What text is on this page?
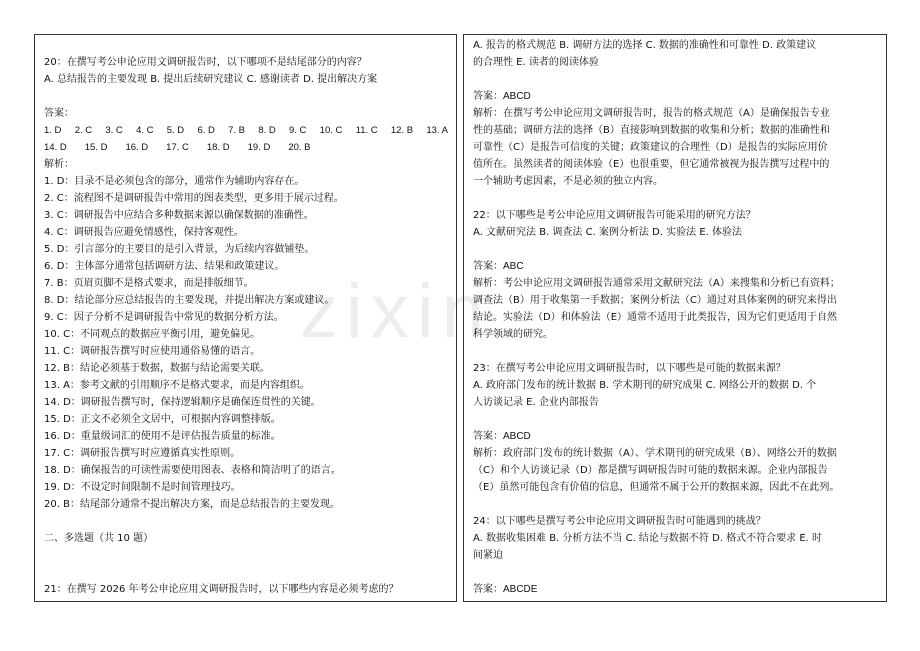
zixin
20：在撰写考公申论应用文调研报告时，以下哪项不是结尾部分的内容？
A. 总结报告的主要发现 B. 提出后续研究建议 C. 感谢读者 D. 提出解决方案
答案：
1. D 2. C 3. C 4. C 5. D 6. D 7. B 8. D 9. C 10. C 11. C 12. B 13. A
14. D 15. D 16. D 17. C 18. D 19. D 20. B
解析：
1. D：目录不是必须包含的部分，通常作为辅助内容存在。
2. C：流程图不是调研报告中常用的图表类型，更多用于展示过程。
3. C：调研报告中应结合多种数据来源以确保数据的准确性。
4. C：调研报告应避免情感性，保持客观性。
5. D：引言部分的主要目的是引入背景，为后续内容做铺垫。
6. D：主体部分通常包括调研方法、结果和政策建议。
7. B：页眉页脚不是格式要求，而是排版细节。
8. D：结论部分应总结报告的主要发现，并提出解决方案或建议。
9. C：因子分析不是调研报告中常见的数据分析方法。
10. C：不同观点的数据应平衡引用，避免偏见。
11. C：调研报告撰写时应使用通俗易懂的语言。
12. B：结论必须基于数据，数据与结论需要关联。
13. A：参考文献的引用顺序不是格式要求，而是内容组织。
14. D：调研报告撰写时，保持逻辑顺序是确保连贯性的关键。
15. D：正文不必须全文居中，可根据内容调整排版。
16. D：重量级词汇的使用不是评估报告质量的标准。
17. C：调研报告撰写时应遵循真实性原则。
18. D：确保报告的可读性需要使用图表、表格和简洁明了的语言。
19. D：不设定时间限制不是时间管理技巧。
20. B：结尾部分通常不提出解决方案，而是总结报告的主要发现。
二、多选题（共 10 题）
21：在撰写 2026 年考公申论应用文调研报告时，以下哪些内容是必须考虑的？
A. 报告的格式规范 B. 调研方法的选择 C. 数据的准确性和可靠性 D. 政策建议
的合理性 E. 读者的阅读体验
答案：ABCD
解析：在撰写考公申论应用文调研报告时，报告的格式规范（A）是确保报告专业
性的基础；调研方法的选择（B）直接影响到数据的收集和分析；数据的准确性和
可靠性（C）是报告可信度的关键；政策建议的合理性（D）是报告的实际应用价
值所在。虽然读者的阅读体验（E）也很重要，但它通常被视为报告撰写过程中的
一个辅助考虑因素，不是必须的独立内容。
22：以下哪些是考公申论应用文调研报告可能采用的研究方法？
A. 文献研究法 B. 调查法 C. 案例分析法 D. 实验法 E. 体验法
答案：ABC
解析：考公申论应用文调研报告通常采用文献研究法（A）来搜集和分析已有资料；
调查法（B）用于收集第一手数据；案例分析法（C）通过对具体案例的研究来得出
结论。实验法（D）和体验法（E）通常不适用于此类报告，因为它们更适用于自然
科学领域的研究。
23：在撰写考公申论应用文调研报告时，以下哪些是可能的数据来源？
A. 政府部门发布的统计数据 B. 学术期刊的研究成果 C. 网络公开的数据 D. 个
人访谈记录 E. 企业内部报告
答案：ABCD
解析：政府部门发布的统计数据（A）、学术期刊的研究成果（B）、网络公开的数据
（C）和个人访谈记录（D）都是撰写调研报告时可能的数据来源。企业内部报告
（E）虽然可能包含有价值的信息，但通常不属于公开的数据来源，因此不在此列。
24：以下哪些是撰写考公申论应用文调研报告时可能遇到的挑战？
A. 数据收集困难 B. 分析方法不当 C. 结论与数据不符 D. 格式不符合要求 E. 时
间紧迫
答案：ABCDE
